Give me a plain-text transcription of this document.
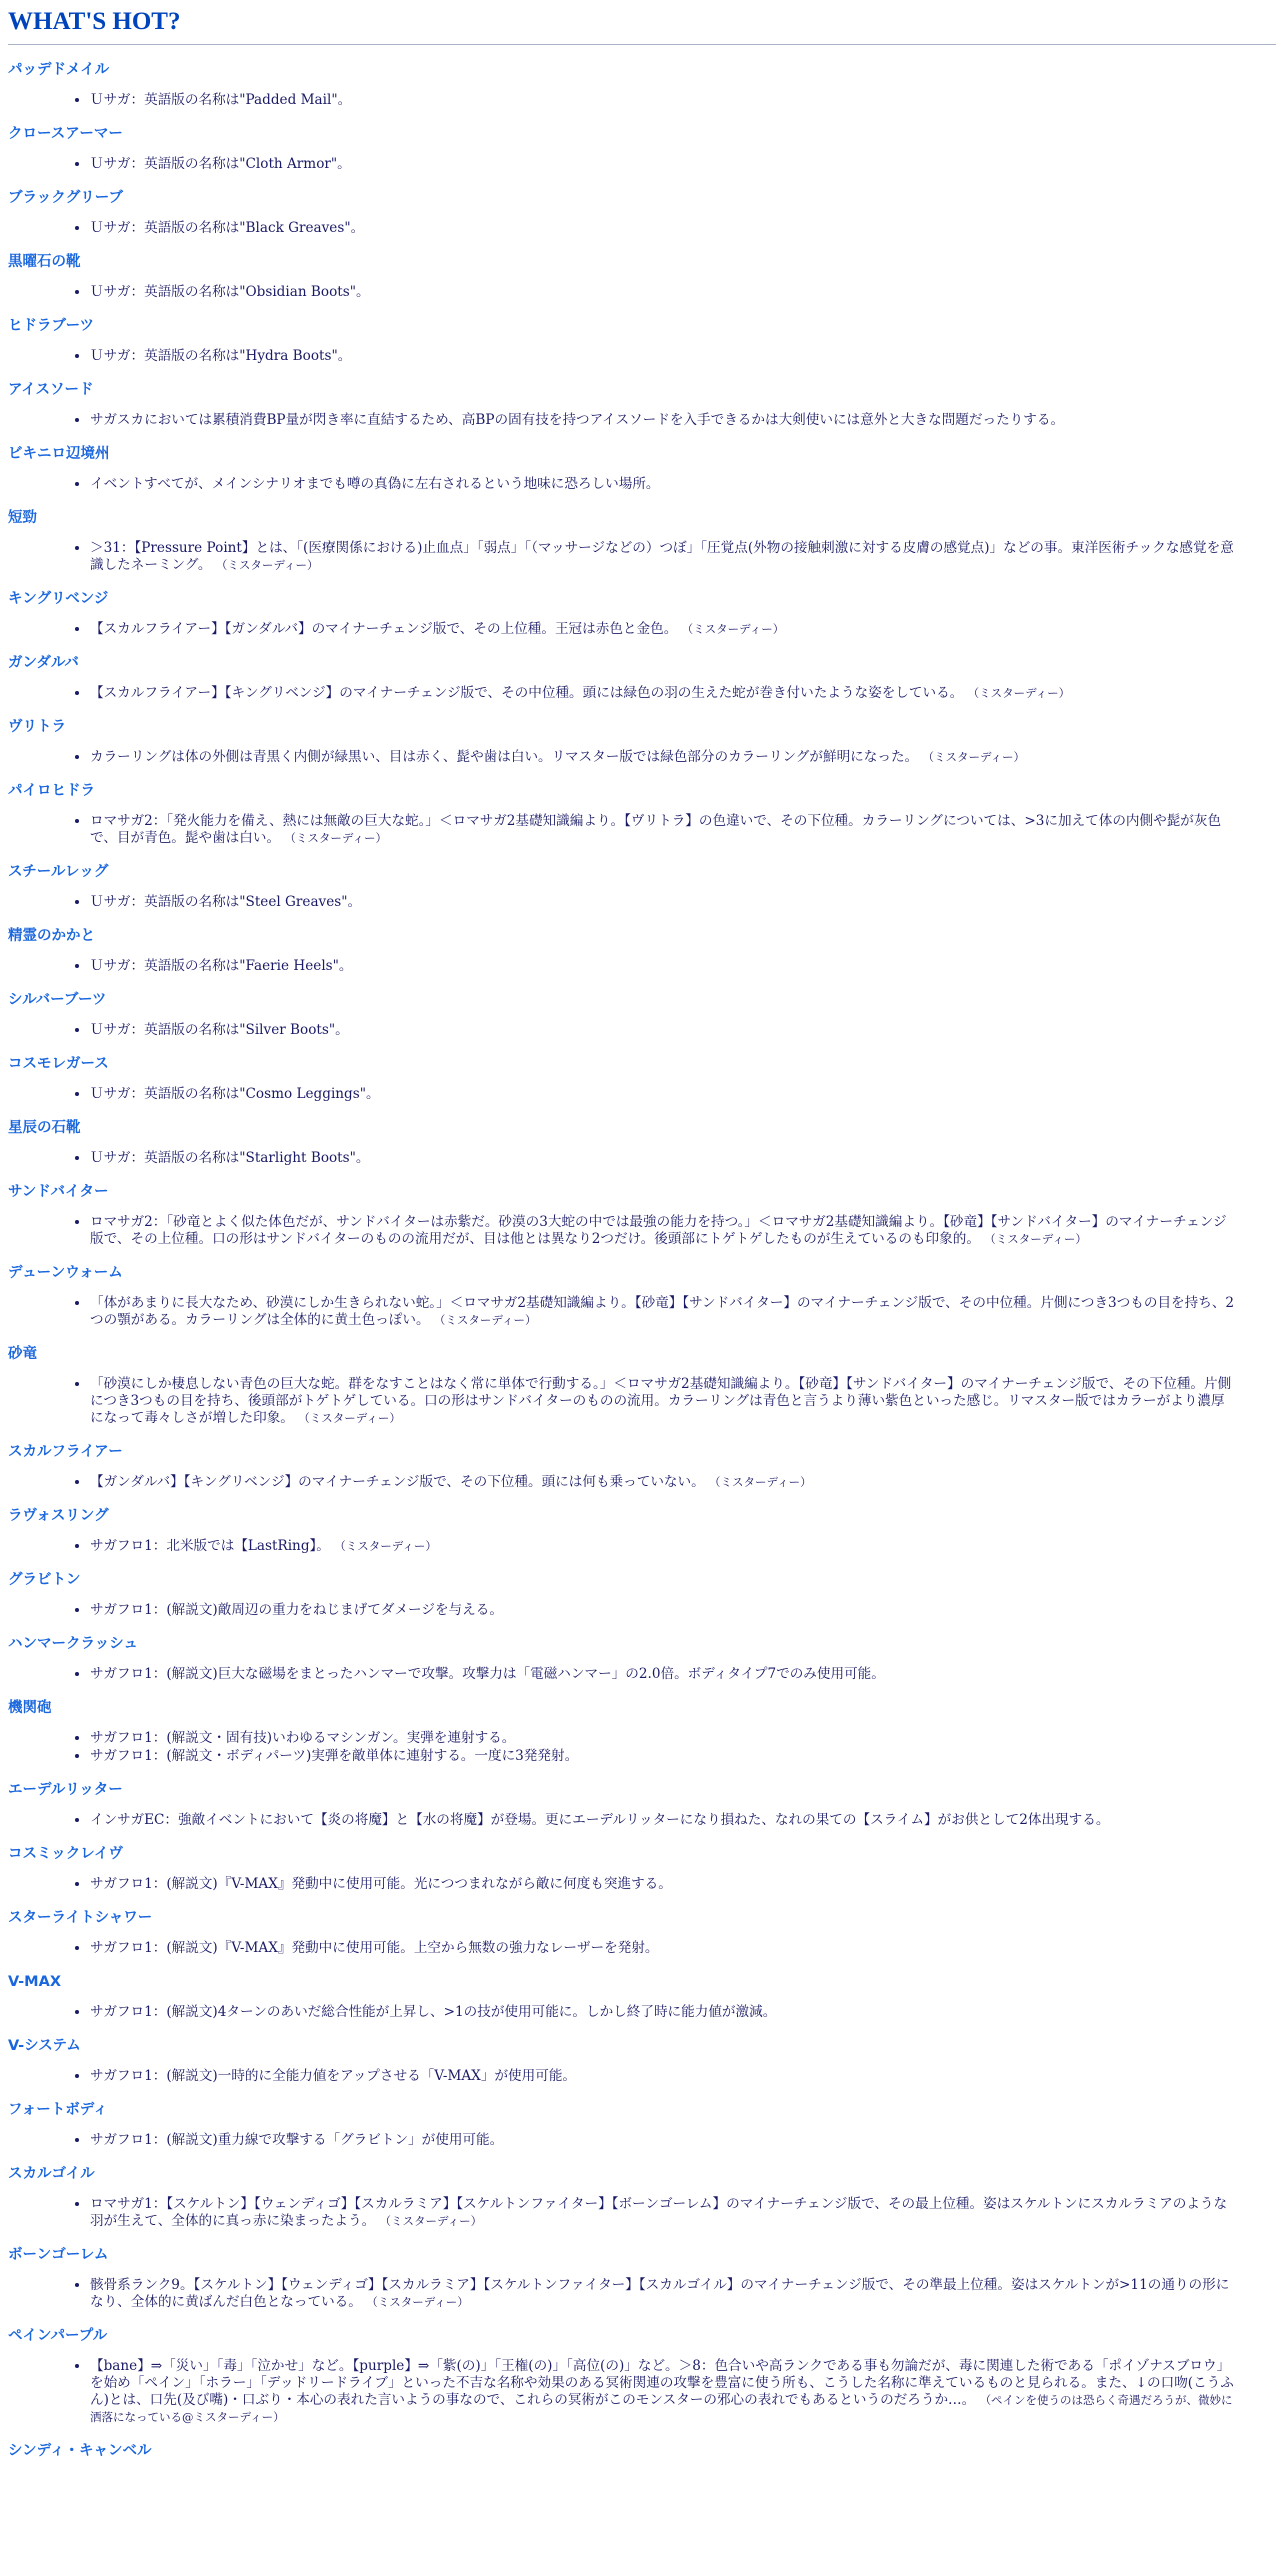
WHAT'S HOT?
パッデドメイル
• Ｕサガ：英語版の名称は"Padded Mail"。
クロースアーマー
• Ｕサガ：英語版の名称は"Cloth Armor"。
ブラックグリーブ
• Ｕサガ：英語版の名称は"Black Greaves"。
黒曜石の靴
• Ｕサガ：英語版の名称は"Obsidian Boots"。
ヒドラブーツ
• Ｕサガ：英語版の名称は"Hydra Boots"。
アイスソード
• サガスカにおいては累積消費BP量が閃き率に直結するため、高BPの固有技を持つアイスソードを入手できるかは大剣使いには意外と大きな問題だったりする。
ビキニロ辺境州
• イベントすべてが、メインシナリオまでも噂の真偽に左右されるという地味に恐ろしい場所。
短勁
• ＞31：【Pressure Point】とは、「(医療関係における)止血点」「弱点」「（マッサージなどの）つぼ」「圧覚点(外物の接触刺激に対する皮膚の感覚点)」などの事。東洋医術チックな感覚を意識したネーミング。 （ミスターディー）
キングリベンジ
• 【スカルフライアー】【ガンダルバ】のマイナーチェンジ版で、その上位種。王冠は赤色と金色。 （ミスターディー）
ガンダルバ
• 【スカルフライアー】【キングリベンジ】のマイナーチェンジ版で、その中位種。頭には緑色の羽の生えた蛇が巻き付いたような姿をしている。 （ミスターディー）
ヴリトラ
• カラーリングは体の外側は青黒く内側が緑黒い、目は赤く、髭や歯は白い。リマスター版では緑色部分のカラーリングが鮮明になった。 （ミスターディー）
パイロヒドラ
• ロマサガ2：「発火能力を備え、熱には無敵の巨大な蛇。」＜ロマサガ2基礎知識編より。【ヴリトラ】の色違いで、その下位種。カラーリングについては、>3に加えて体の内側や髭が灰色で、目が青色。髭や歯は白い。 （ミスターディー）
スチールレッグ
• Ｕサガ：英語版の名称は"Steel Greaves"。
精霊のかかと
• Ｕサガ：英語版の名称は"Faerie Heels"。
シルバーブーツ
• Ｕサガ：英語版の名称は"Silver Boots"。
コスモレガース
• Ｕサガ：英語版の名称は"Cosmo Leggings"。
星辰の石靴
• Ｕサガ：英語版の名称は"Starlight Boots"。
サンドバイター
• ロマサガ2：「砂竜とよく似た体色だが、サンドバイターは赤紫だ。砂漠の3大蛇の中では最強の能力を持つ。」＜ロマサガ2基礎知識編より。【砂竜】【サンドバイター】のマイナーチェンジ版で、その上位種。口の形はサンドバイターのものの流用だが、目は他とは異なり2つだけ。後頭部にトゲトゲしたものが生えているのも印象的。 （ミスターディー）
デューンウォーム
• 「体があまりに長大なため、砂漠にしか生きられない蛇。」＜ロマサガ2基礎知識編より。【砂竜】【サンドバイター】のマイナーチェンジ版で、その中位種。片側につき3つもの目を持ち、2つの顎がある。カラーリングは全体的に黄土色っぽい。 （ミスターディー）
砂竜
• 「砂漠にしか棲息しない青色の巨大な蛇。群をなすことはなく常に単体で行動する。」＜ロマサガ2基礎知識編より。【砂竜】【サンドバイター】のマイナーチェンジ版で、その下位種。片側につき3つもの目を持ち、後頭部がトゲトゲしている。口の形はサンドバイターのものの流用。カラーリングは青色と言うより薄い紫色といった感じ。リマスター版ではカラーがより濃厚になって毒々しさが増した印象。 （ミスターディー）
スカルフライアー
• 【ガンダルバ】【キングリベンジ】のマイナーチェンジ版で、その下位種。頭には何も乗っていない。 （ミスターディー）
ラヴォスリング
• サガフロ1：北米版では【LastRing】。 （ミスターディー）
グラビトン
• サガフロ1：(解説文)敵周辺の重力をねじまげてダメージを与える。
ハンマークラッシュ
• サガフロ1：(解説文)巨大な磁場をまとったハンマーで攻撃。攻撃力は「電磁ハンマー」の2.0倍。ボディタイプ7でのみ使用可能。
機関砲
• サガフロ1：(解説文・固有技)いわゆるマシンガン。実弾を連射する。
• サガフロ1：(解説文・ボディパーツ)実弾を敵単体に連射する。一度に3発発射。
エーデルリッター
• インサガEC：強敵イベントにおいて【炎の将魔】と【水の将魔】が登場。更にエーデルリッターになり損ねた、なれの果ての【スライム】がお供として2体出現する。
コスミックレイヴ
• サガフロ1：(解説文)『V-MAX』発動中に使用可能。光につつまれながら敵に何度も突進する。
スターライトシャワー
• サガフロ1：(解説文)『V-MAX』発動中に使用可能。上空から無数の強力なレーザーを発射。
V-MAX
• サガフロ1：(解説文)4ターンのあいだ総合性能が上昇し、>1の技が使用可能に。しかし終了時に能力値が激減。
V-システム
• サガフロ1：(解説文)一時的に全能力値をアップさせる「V-MAX」が使用可能。
フォートボディ
• サガフロ1：(解説文)重力線で攻撃する「グラビトン」が使用可能。
スカルゴイル
• ロマサガ1：【スケルトン】【ウェンディゴ】【スカルラミア】【スケルトンファイター】【ボーンゴーレム】のマイナーチェンジ版で、その最上位種。姿はスケルトンにスカルラミアのような羽が生えて、全体的に真っ赤に染まったよう。 （ミスターディー）
ボーンゴーレム
• 骸骨系ランク9。【スケルトン】【ウェンディゴ】【スカルラミア】【スケルトンファイター】【スカルゴイル】のマイナーチェンジ版で、その準最上位種。姿はスケルトンが>11の通りの形になり、全体的に黄ばんだ白色となっている。 （ミスターディー）
ペインパープル
• 【bane】⇒「災い」「毒」「泣かせ」など。【purple】⇒「紫(の)」「王権(の)」「高位(の)」など。＞8：色合いや高ランクである事も勿論だが、毒に関連した術である「ポイゾナスブロウ」を始め「ペイン」「ホラー」「デッドリードライブ」といった不吉な名称や効果のある冥術関連の攻撃を豊富に使う所も、こうした名称に準えているものと見られる。また、↓の口吻(こうふん)とは、口先(及び嘴)・口ぶり・本心の表れた言いようの事なので、これらの冥術がこのモンスターの邪心の表れでもあるというのだろうか…。 （ペインを使うのは恐らく奇遇だろうが、微妙に洒落になっている@ミスターディー）
シンディ・キャンベル
